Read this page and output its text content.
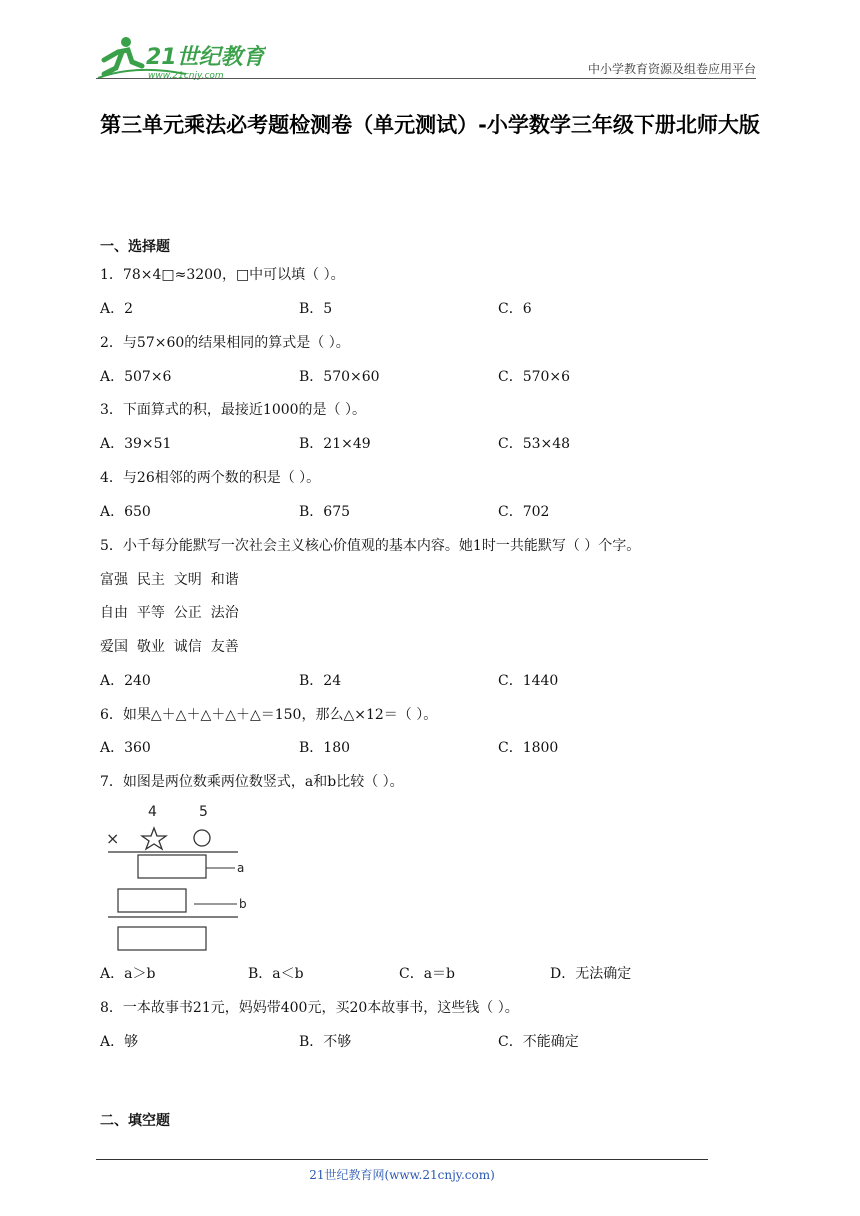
21世纪教育
www.21cnjy.com	中小学教育资源及组卷应用平台
第三单元乘法必考题检测卷（单元测试）-小学数学三年级下册北师大版
一、选择题
1．78×4□≈3200，□中可以填（ ）。
A．2	B．5	C．6
2．与57×60的结果相同的算式是（ ）。
A．507×6	B．570×60	C．570×6
3．下面算式的积，最接近1000的是（ ）。
A．39×51	B．21×49	C．53×48
4．与26相邻的两个数的积是（ ）。
A．650	B．675	C．702
5．小千每分能默写一次社会主义核心价值观的基本内容。她1时一共能默写（ ）个字。
富强  民主  文明  和谐
自由  平等  公正  法治
爱国  敬业  诚信  友善
A．240	B．24	C．1440
6．如果△＋△＋△＋△＋△＝150，那么△×12＝（ ）。
A．360	B．180	C．1800
7．如图是两位数乘两位数竖式，a和b比较（ ）。
4	5
×
a
b
A．a＞b	B．a＜b	C．a＝b	D．无法确定
8．一本故事书21元，妈妈带400元，买20本故事书，这些钱（ ）。
A．够	B．不够	C．不能确定
二、填空题
21世纪教育网(www.21cnjy.com)
